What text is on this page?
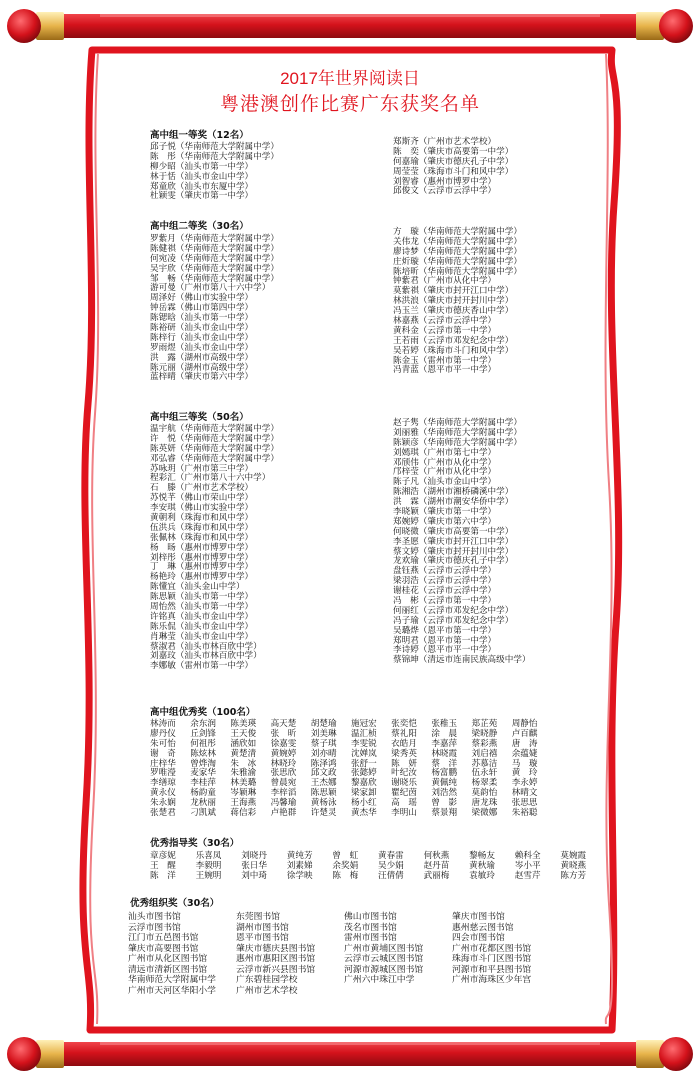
2017年世界阅读日
粤港澳创作比赛广东获奖名单
高中组一等奖（12名）
邱子悦（华南师范大学附属中学）
陈　彤（华南师范大学附属中学）
柳少昭（汕头市第一中学）
林于恬（汕头市金山中学）
郑童欣（汕头市东厦中学）
杜颖雯（肇庆市第一中学）
郑斯齐（广州市艺术学校）
陈　奕（肇庆市高要第一中学）
何嘉瑜（肇庆市德庆孔子中学）
周莹莹（珠海市斗门和风中学）
刘智睿（惠州市博罗中学）
邱俊文（云浮市云浮中学）
高中组二等奖（30名）
罗紫月（华南师范大学附属中学）
陈健祺（华南师范大学附属中学）
何宛凌（华南师范大学附属中学）
吴宇欣（华南师范大学附属中学）
邹　畅（华南师范大学附属中学）
游可曼（广州市第八十六中学）
周泽好（佛山市实验中学）
钟岳霖（佛山市第四中学）
陈锶晗（汕头市第一中学）
陈裕研（汕头市金山中学）
陈梓行（汕头市金山中学）
罗雨煜（汕头市金山中学）
洪　露（湖州市高级中学）
陈元丽（湖州市高级中学）
蓝梓晴（肇庆市第六中学）
方　璇（华南师范大学附属中学）
关伟龙（华南师范大学附属中学）
廖诗梦（华南师范大学附属中学）
庄炘璇（华南师范大学附属中学）
陈培昕（华南师范大学附属中学）
钟紫君（广州市从化中学）
莫紫祺（肇庆市封开江口中学）
林洪浪（肇庆市封开封川中学）
冯玉兰（肇庆市德庆香山中学）
林嘉燕（云浮市云浮中学）
黄科金（云浮市第一中学）
王若雨（云浮市邓发纪念中学）
吴若婷（珠海市斗门和风中学）
陈金玉（雷州市第一中学）
冯青蓝（恩平市平一中学）
高中组三等奖（50名）
温宇航（华南师范大学附属中学）
许　悦（华南师范大学附属中学）
陈英妍（华南师范大学附属中学）
邓弘睿（华南师范大学附属中学）
苏咏玥（广州市第三中学）
程彩汇（广州市第八十六中学）
石　滕（广州市艺术学校）
苏悦芊（佛山市荣山中学）
李安琪（佛山市实验中学）
黄朝利（珠海市和风中学）
伍洪兵（珠海市和风中学）
张佩林（珠海市和风中学）
杨　旸（惠州市博罗中学）
刘梓彤（惠州市博罗中学）
丁　琳（惠州市博罗中学）
杨艳玲（惠州市博罗中学）
陈懂宜（汕头金山中学）
陈思颖（汕头市第一中学）
周怡然（汕头市第一中学）
许铭真（汕头市金山中学）
陈乐侃（汕头市金山中学）
肖琳莹（汕头市金山中学）
蔡淑君（汕头市林百欣中学）
刘嘉玟（汕头市林百欣中学）
李娜敏（雷州市第一中学）
赵子隽（华南师范大学附属中学）
刘丽雅（华南师范大学附属中学）
陈颖彦（华南师范大学附属中学）
刘嫣琪（广州市第七中学）
邓颀伟（广州市从化中学）
邝梓莹（广州市从化中学）
陈子凡（汕头市金山中学）
陈湘浩（湖州市湘桥磷溪中学）
洪　霖（湖州市潮安华侨中学）
李晓颖（肇庆市第一中学）
郑婉婷（肇庆市第六中学）
何晓微（肇庆市高要第一中学）
李圣愿（肇庆市封开江口中学）
蔡文婷（肇庆市封开封川中学）
龙欢瑜（肇庆市德庆孔子中学）
盘钰燕（云浮市云浮中学）
梁羽浩（云浮市云浮中学）
谢桂花（云浮市云浮中学）
冯　彬（云浮市第一中学）
何丽红（云浮市邓发纪念中学）
冯子瑜（云浮市邓发纪念中学）
吴璐烨（恩平市第一中学）
郑明君（恩平市第一中学）
李诗婷（恩平市平一中学）
蔡锦坤（清远市连南民族高级中学）
高中组优秀奖（100名）
林涛而	余东润	陈美瑛	高天楚	胡楚瑜	施冠宏	张奕恺	张稚玉	郑芷苑	周静怡
廖丹仪	丘剑锋	王天俊	张　昕	刘美琳	温汇桢	蔡礼阳	涂　晨	梁晓静	卢百麒
朱可怡	何祖彤	涵欣如	徐嘉雯	蔡子琪	李雯锐	衣皓月	李嘉萍	蔡彩燕	唐　涛
谢　奇	陈炫林	黄楚清	黄婉婷	刘亦晴	沈婵岚	梁秀英	林晓霞	刘启禧	余蕴婕
庄梓华	曾烨淘	朱　冰	林晓玲	陈泽鸿	张舒一	陈　妍	蔡　洋	苏慕洁	马　璇
罗唯瀅	麦家华	朱雅渝	张思欣	邱文政	张懿婷	叶纪汝	杨富鹏	伍永轩	黄　玲
李缮琼	李桂萍	林美璐	曾晨宛	王杰娜	黎嘉欣	谢晓乐	黄佩纯	杨翠柔	李永婷
黄永仪	杨韵童	岑颖琳	李梓滔	陈思颖	梁家卸	瞿纪茵	刘浩然	莫韵怡	林晴文
朱永娴	龙秋丽	王海燕	冯馨瑜	黄杨泳	杨小红	高　瑶	曾　影	唐龙珠	张思思
张楚君	刁凯斌	蒋信彩	卢艳群	许楚灵	黄杰华	李明山	蔡景翔	梁微娜	朱裕聪
优秀指导奖（30名）
章彦妮	乐喜凤	刘晓丹	黄纯芳	曾　虹	黄春雷	何秋燕	黎畅友	赖科全	莫婉霞
王　醒	李毅明	张日华	刘素娣	余奖娟	吴少娟	赵丹苗	黄秋瑜	岑小平	黄晓燕
陈　洋	王婉明	刘中琦	徐学映	陈　梅	汪倩倩	武丽梅	袁敏玲	赵雪芹	陈方芳
优秀组织奖（30名）
汕头市图书馆	东莞图书馆	佛山市图书馆	肇庆市图书馆
云浮市图书馆	湖州市图书馆	茂名市图书馆	惠州慈云图书馆
江门市五邑图书馆	恩平市图书馆	雷州市图书馆	四会市图书馆
肇庆市高要图书馆	肇庆市德庆县图书馆	广州市黄埔区图书馆	广州市花都区图书馆
广州市从化区图书馆	惠州市惠阳区图书馆	云浮市云城区图书馆	珠海市斗门区图书馆
清远市清新区图书馆	云浮市新兴县图书馆	河源市源城区图书馆	河源市和平县图书馆
华南师范大学附属中学	广东碧桂园学校	广州六中珠江中学	广州市海珠区少年宫
广州市天河区华阳小学	广州市艺术学校
